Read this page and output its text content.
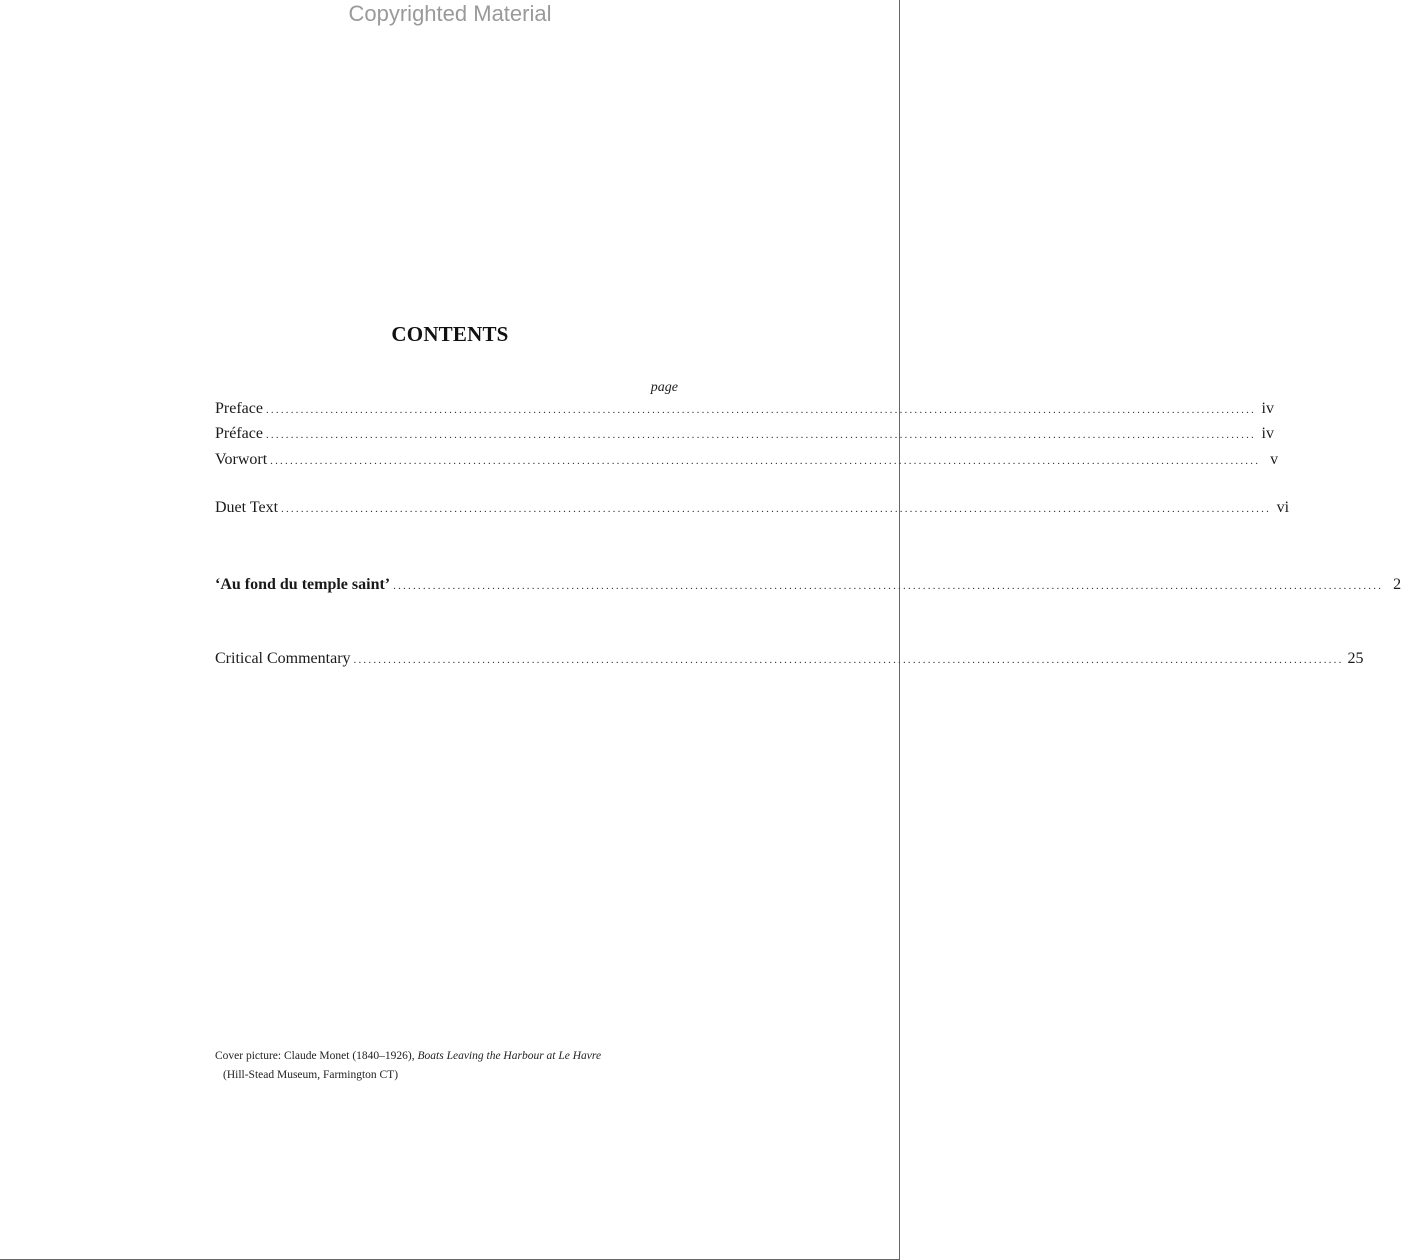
Copyrighted Material
CONTENTS
page
Preface ........................................................................................................................................................................................................ iv
Préface ........................................................................................................................................................................................................ iv
Vorwort ........................................................................................................................................................................................................ v
Duet Text ........................................................................................................................................................................................................ vi
‘Au fond du temple saint’ ........................................................................................................................................................................................................ 2
Critical Commentary ........................................................................................................................................................................................................ 25
Cover picture: Claude Monet (1840–1926), Boats Leaving the Harbour at Le Havre
(Hill-Stead Museum, Farmington CT)
